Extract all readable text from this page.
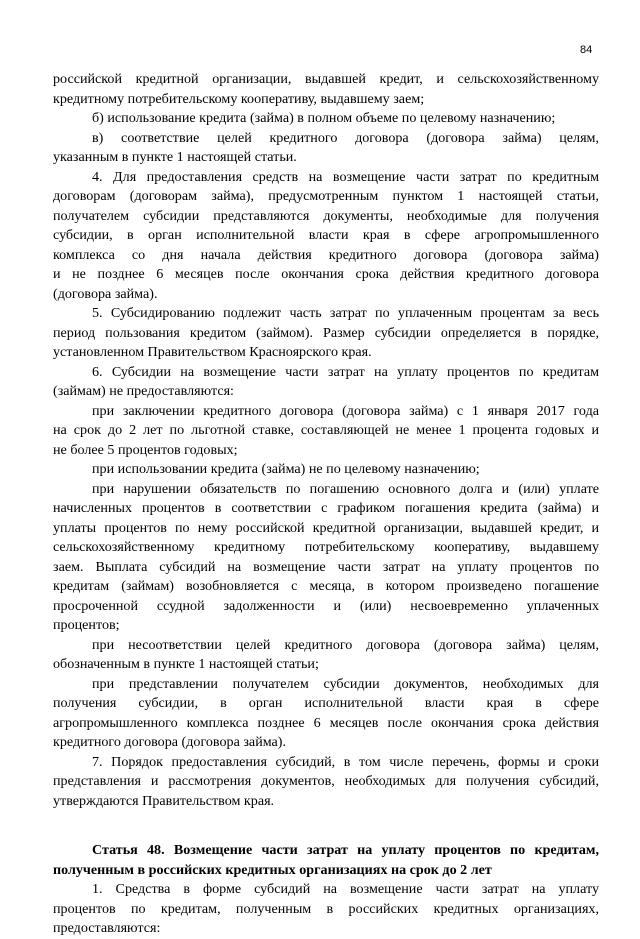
84
российской кредитной организации, выдавшей кредит, и сельскохозяйственному
кредитному потребительскому кооперативу, выдавшему заем;
б) использование кредита (займа) в полном объеме по целевому назначению;
в) соответствие целей кредитного договора (договора займа) целям,
указанным в пункте 1 настоящей статьи.
4. Для предоставления средств на возмещение части затрат по кредитным
договорам (договорам займа), предусмотренным пунктом 1 настоящей статьи,
получателем субсидии представляются документы, необходимые для получения
субсидии, в орган исполнительной власти края в сфере агропромышленного
комплекса со дня начала действия кредитного договора (договора займа)
и не позднее 6 месяцев после окончания срока действия кредитного договора
(договора займа).
5. Субсидированию подлежит часть затрат по уплаченным процентам за весь
период пользования кредитом (займом). Размер субсидии определяется в порядке,
установленном Правительством Красноярского края.
6. Субсидии на возмещение части затрат на уплату процентов по кредитам
(займам) не предоставляются:
при заключении кредитного договора (договора займа) с 1 января 2017 года
на срок до 2 лет по льготной ставке, составляющей не менее 1 процента годовых и
не более 5 процентов годовых;
при использовании кредита (займа) не по целевому назначению;
при нарушении обязательств по погашению основного долга и (или) уплате
начисленных процентов в соответствии с графиком погашения кредита (займа) и
уплаты процентов по нему российской кредитной организации, выдавшей кредит, и
сельскохозяйственному кредитному потребительскому кооперативу, выдавшему
заем. Выплата субсидий на возмещение части затрат на уплату процентов по
кредитам (займам) возобновляется с месяца, в котором произведено погашение
просроченной ссудной задолженности и (или) несвоевременно уплаченных
процентов;
при несоответствии целей кредитного договора (договора займа) целям,
обозначенным в пункте 1 настоящей статьи;
при представлении получателем субсидии документов, необходимых для
получения субсидии, в орган исполнительной власти края в сфере
агропромышленного комплекса позднее 6 месяцев после окончания срока действия
кредитного договора (договора займа).
7. Порядок предоставления субсидий, в том числе перечень, формы и сроки
представления и рассмотрения документов, необходимых для получения субсидий,
утверждаются Правительством края.
Статья 48. Возмещение части затрат на уплату процентов по кредитам,
полученным в российских кредитных организациях на срок до 2 лет
1. Средства в форме субсидий на возмещение части затрат на уплату
процентов по кредитам, полученным в российских кредитных организациях,
предоставляются:
